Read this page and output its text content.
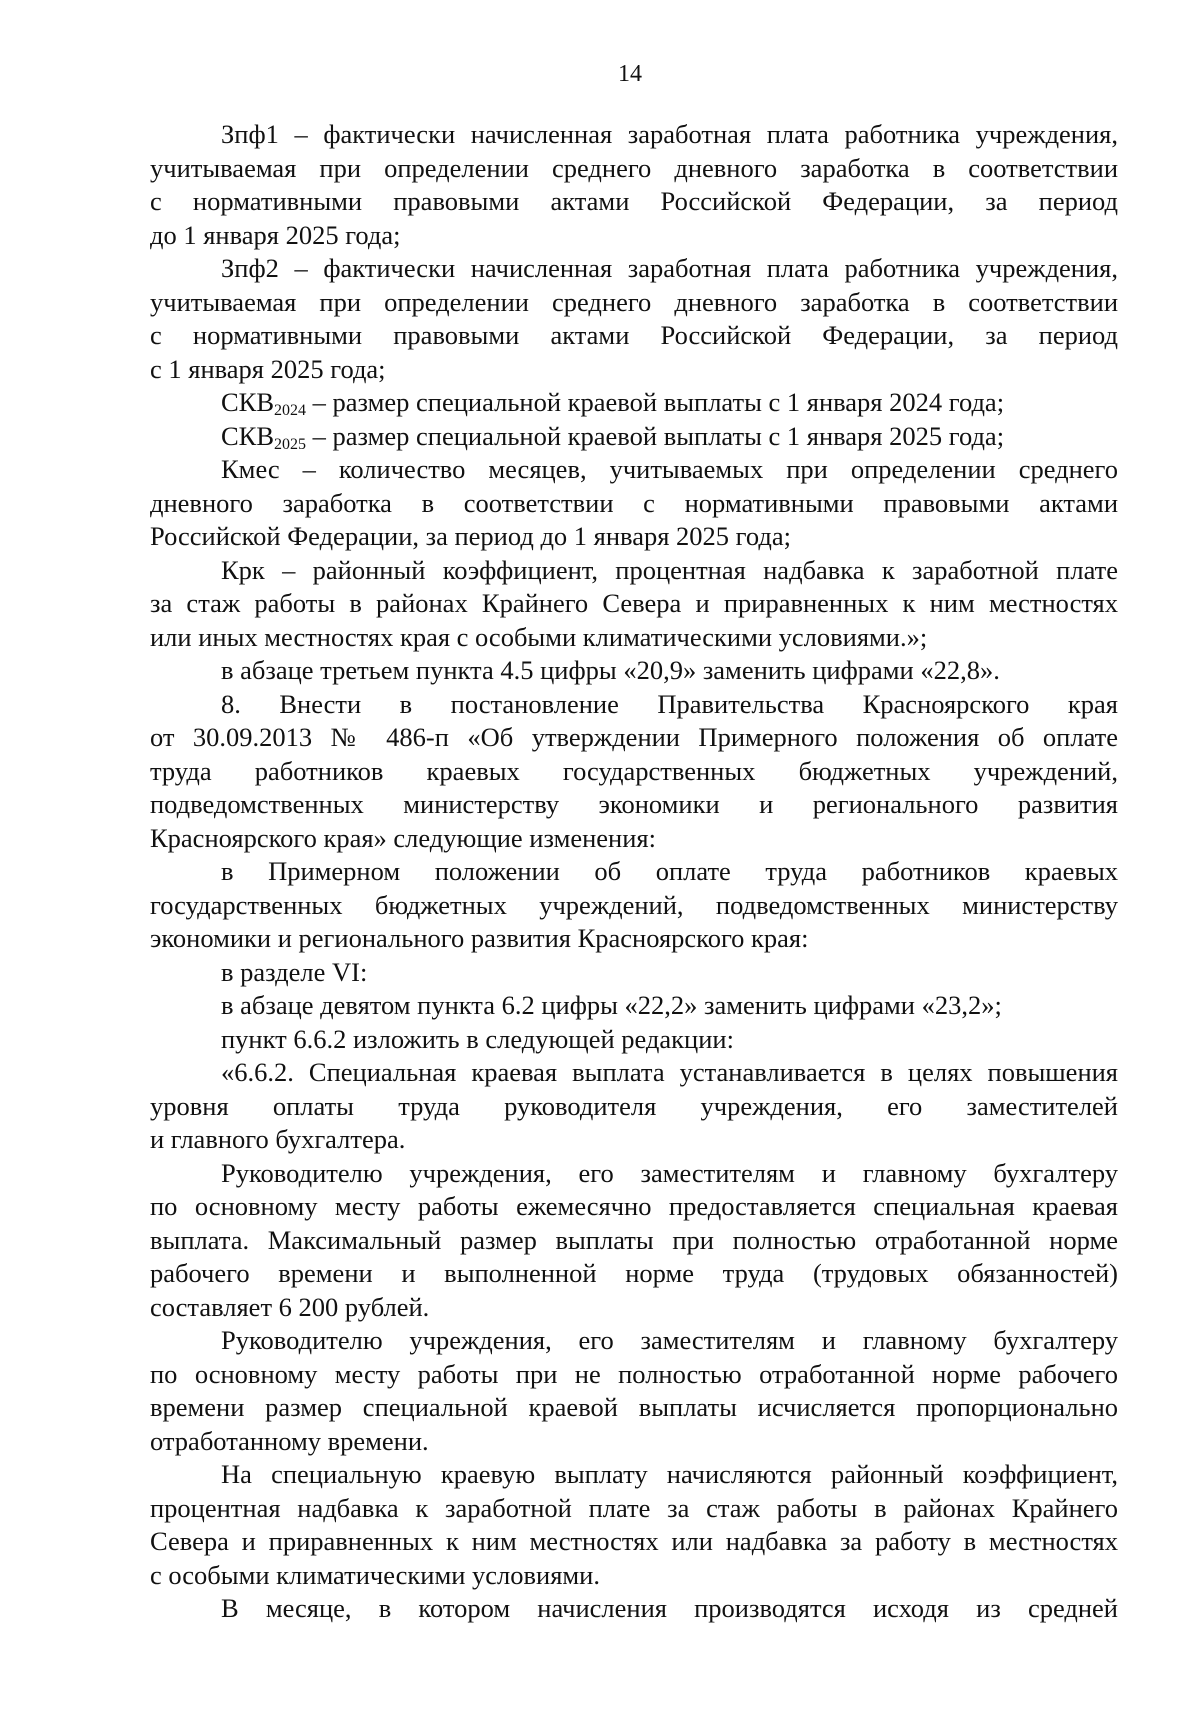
14
Зпф1 – фактически начисленная заработная плата работника учреждения,
учитываемая при определении среднего дневного заработка в соответствии
с нормативными правовыми актами Российской Федерации, за период
до 1 января 2025 года;
Зпф2 – фактически начисленная заработная плата работника учреждения,
учитываемая при определении среднего дневного заработка в соответствии
с нормативными правовыми актами Российской Федерации, за период
с 1 января 2025 года;
$СКВ_{2024}$ – размер специальной краевой выплаты с 1 января 2024 года;
$СКВ_{2025}$ – размер специальной краевой выплаты с 1 января 2025 года;
Кмес – количество месяцев, учитываемых при определении среднего
дневного заработка в соответствии с нормативными правовыми актами
Российской Федерации, за период до 1 января 2025 года;
Крк – районный коэффициент, процентная надбавка к заработной плате
за стаж работы в районах Крайнего Севера и приравненных к ним местностях
или иных местностях края с особыми климатическими условиями.»;
в абзаце третьем пункта 4.5 цифры «20,9» заменить цифрами «22,8».
8. Внести в постановление Правительства Красноярского края
от 30.09.2013 № 486-п «Об утверждении Примерного положения об оплате
труда работников краевых государственных бюджетных учреждений,
подведомственных министерству экономики и регионального развития
Красноярского края» следующие изменения:
в Примерном положении об оплате труда работников краевых
государственных бюджетных учреждений, подведомственных министерству
экономики и регионального развития Красноярского края:
в разделе VI:
в абзаце девятом пункта 6.2 цифры «22,2» заменить цифрами «23,2»;
пункт 6.6.2 изложить в следующей редакции:
«6.6.2. Специальная краевая выплата устанавливается в целях повышения
уровня оплаты труда руководителя учреждения, его заместителей
и главного бухгалтера.
Руководителю учреждения, его заместителям и главному бухгалтеру
по основному месту работы ежемесячно предоставляется специальная краевая
выплата. Максимальный размер выплаты при полностью отработанной норме
рабочего времени и выполненной норме труда (трудовых обязанностей)
составляет 6 200 рублей.
Руководителю учреждения, его заместителям и главному бухгалтеру
по основному месту работы при не полностью отработанной норме рабочего
времени размер специальной краевой выплаты исчисляется пропорционально
отработанному времени.
На специальную краевую выплату начисляются районный коэффициент,
процентная надбавка к заработной плате за стаж работы в районах Крайнего
Севера и приравненных к ним местностях или надбавка за работу в местностях
с особыми климатическими условиями.
В месяце, в котором начисления производятся исходя из средней
